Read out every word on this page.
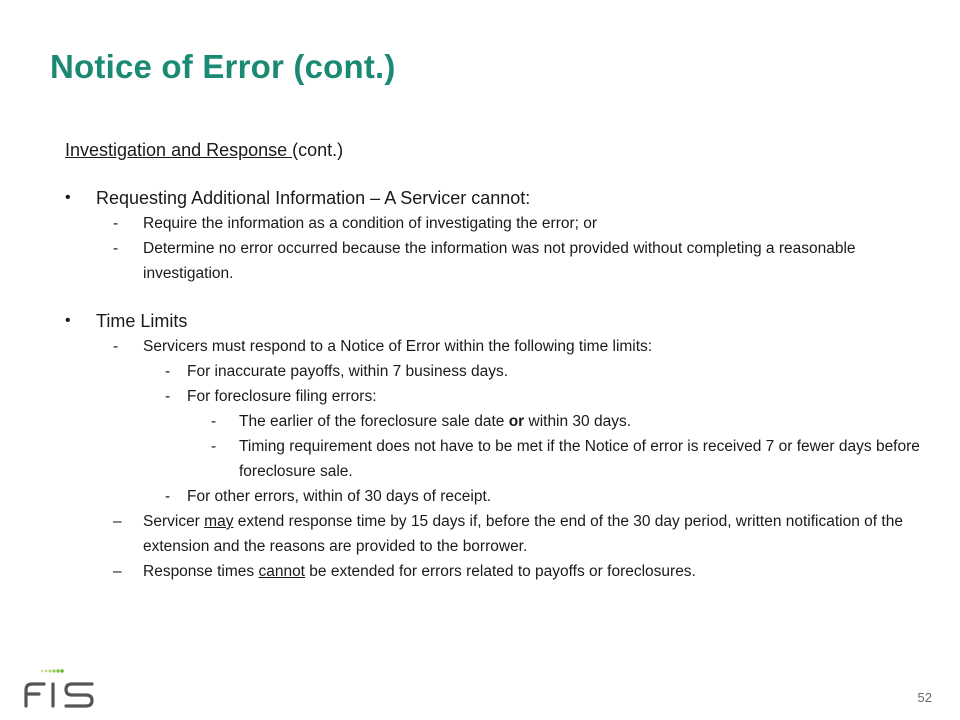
Notice of Error (cont.)

Investigation and Response (cont.)

• Requesting Additional Information – A Servicer cannot:
- Require the information as a condition of investigating the error; or
- Determine no error occurred because the information was not provided without completing a reasonable investigation.
• Time Limits
- Servicers must respond to a Notice of Error within the following time limits:
- For inaccurate payoffs, within 7 business days.
- For foreclosure filing errors:
- The earlier of the foreclosure sale date or within 30 days.
- Timing requirement does not have to be met if the Notice of error is received 7 or fewer days before foreclosure sale.
- For other errors, within of 30 days of receipt.
– Servicer may extend response time by 15 days if, before the end of the 30 day period, written notification of the extension and the reasons are provided to the borrower.
– Response times cannot be extended for errors related to payoffs or foreclosures.
52
